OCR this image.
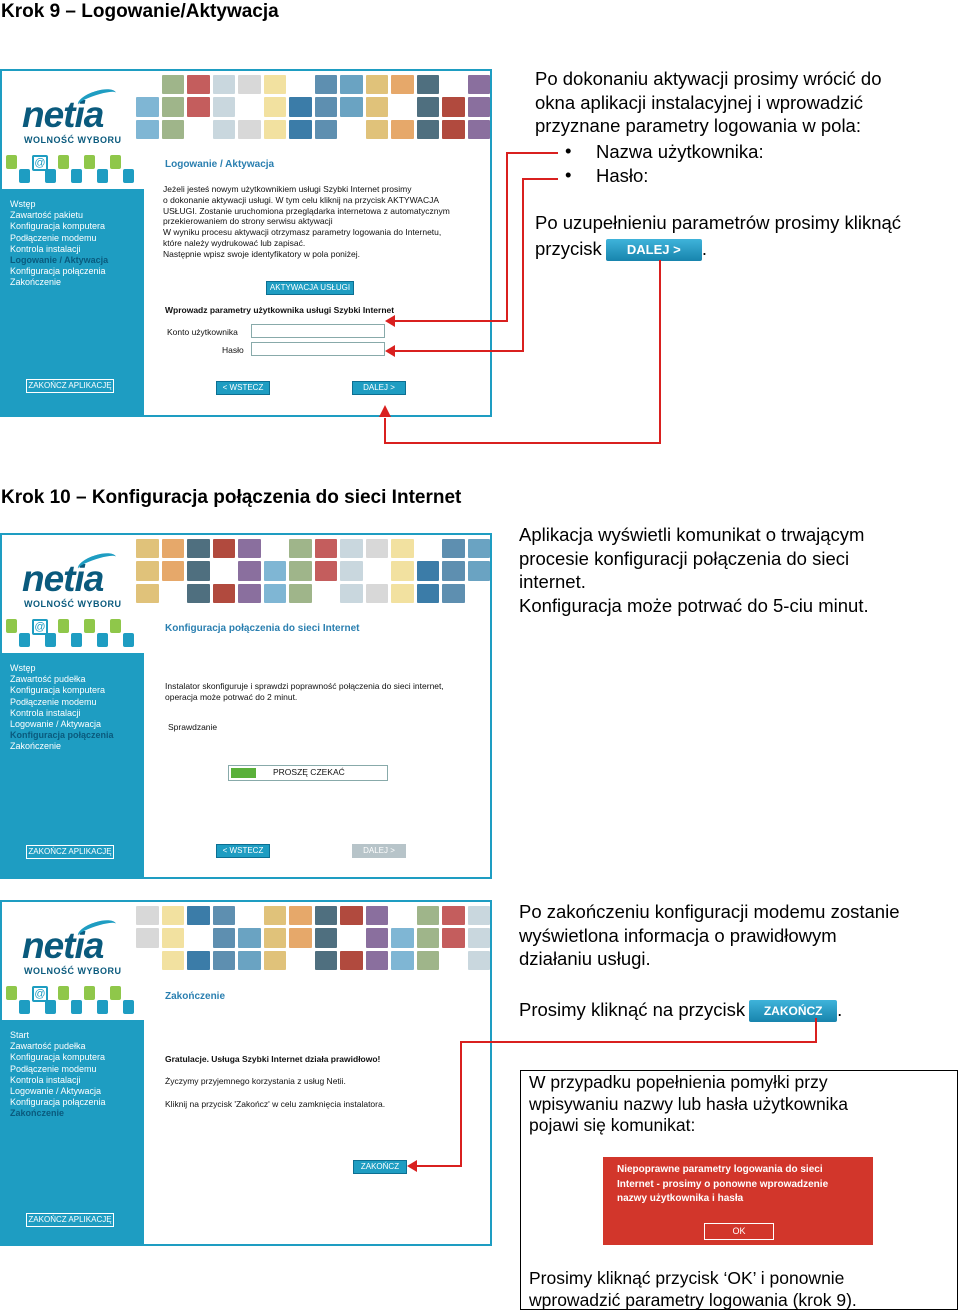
Krok 9 – Logowanie/Aktywacja
netia
WOLNOŚĆ WYBORU
@
Wstęp
Zawartość pakietu
Konfiguracja komputera
Podłączenie modemu
Kontrola instalacji
Logowanie / Aktywacja
Konfiguracja połączenia
Zakończenie
ZAKOŃCZ APLIKACJĘ
Logowanie / Aktywacja
Jeżeli jesteś nowym użytkownikiem usługi Szybki Internet prosimy
o dokonanie aktywacji usługi. W tym celu kliknij na przycisk AKTYWACJA
USŁUGI. Zostanie uruchomiona przeglądarka internetowa z automatycznym
przekierowaniem do strony serwisu aktywacji
W wyniku procesu aktywacji otrzymasz parametry logowania do Internetu,
które należy wydrukować lub zapisać.
Następnie wpisz swoje identyfikatory w pola poniżej.
AKTYWACJA USŁUGI
Wprowadz parametry użytkownika usługi Szybki Internet
Konto użytkownika
Hasło
< WSTECZ	DALEJ >
Po dokonaniu aktywacji prosimy wrócić do
okna aplikacji instalacyjnej i wprowadzić
przyznane parametry logowania w pola:
• Nazwa użytkownika:
• Hasło:
Po uzupełnieniu parametrów prosimy kliknąć
przycisk DALEJ > .
Krok 10 – Konfiguracja połączenia do sieci Internet
netia
WOLNOŚĆ WYBORU
@
Wstęp
Zawartość pudełka
Konfiguracja komputera
Podłączenie modemu
Kontrola instalacji
Logowanie / Aktywacja
Konfiguracja połączenia
Zakończenie
ZAKOŃCZ APLIKACJĘ
Konfiguracja połączenia do sieci Internet
Instalator skonfiguruje i sprawdzi poprawność połączenia do sieci internet,
operacja może potrwać do 2 minut.
Sprawdzanie
< WSTECZ	DALEJ >
PROSZĘ CZEKAĆ
Aplikacja wyświetli komunikat o trwającym
procesie konfiguracji połączenia do sieci
internet.
Konfiguracja może potrwać do 5-ciu minut.
netia
WOLNOŚĆ WYBORU
@
Start
Zawartość pudełka
Konfiguracja komputera
Podłączenie modemu
Kontrola instalacji
Logowanie / Aktywacja
Konfiguracja połączenia
Zakończenie
ZAKOŃCZ APLIKACJĘ
Zakończenie
Gratulacje. Usługa Szybki Internet działa prawidłowo!
Życzymy przyjemnego korzystania z usług Netii.
Kliknij na przycisk 'Zakończ' w celu zamknięcia instalatora.
ZAKOŃCZ
Po zakończeniu konfiguracji modemu zostanie
wyświetlona informacja o prawidłowym
działaniu usługi.
Prosimy kliknąć na przycisk ZAKOŃCZ .
W przypadku popełnienia pomyłki przy
wpisywaniu nazwy lub hasła użytkownika
pojawi się komunikat:
Prosimy kliknąć przycisk ‘OK’ i ponownie
wprowadzić parametry logowania (krok 9).
Niepoprawne parametry logowania do sieci
Internet - prosimy o ponowne wprowadzenie
nazwy użytkownika i hasła
OK
